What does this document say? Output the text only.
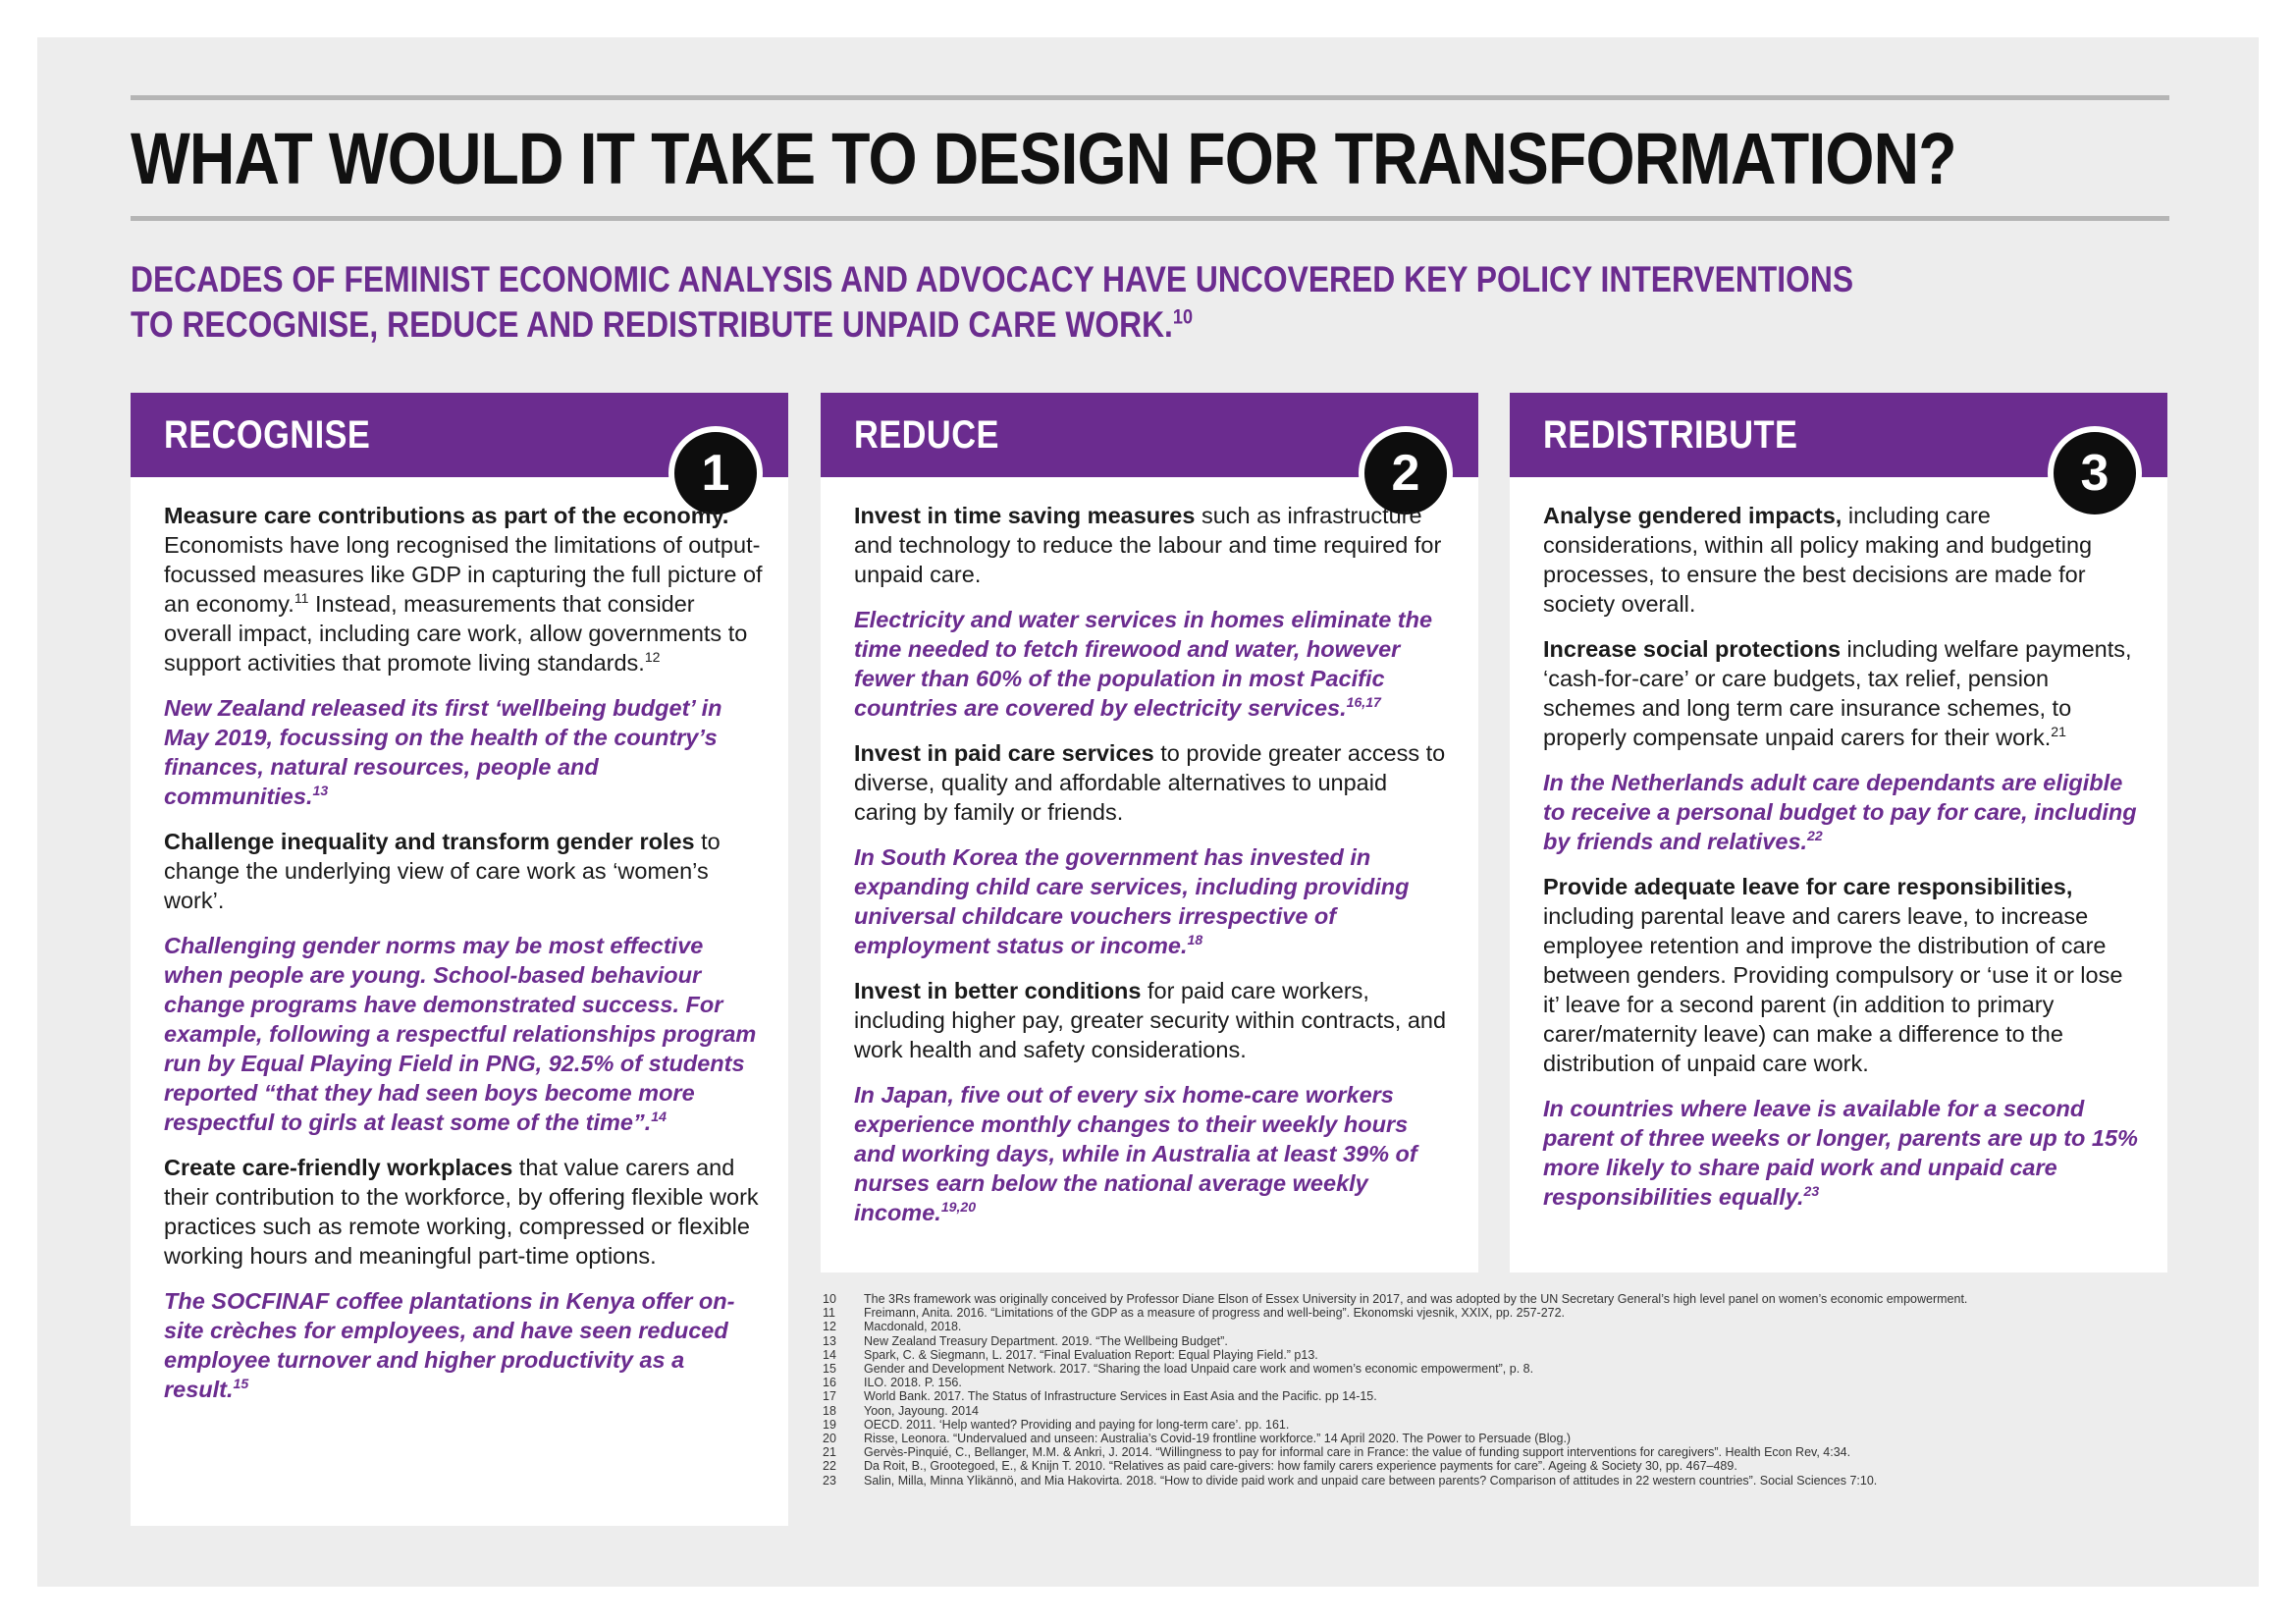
WHAT WOULD IT TAKE TO DESIGN FOR TRANSFORMATION?
DECADES OF FEMINIST ECONOMIC ANALYSIS AND ADVOCACY HAVE UNCOVERED KEY POLICY INTERVENTIONS
TO RECOGNISE, REDUCE AND REDISTRIBUTE UNPAID CARE WORK.$^{10}$
RECOGNISE
1

Measure care contributions as part of the economy. Economists have long recognised the limitations of output-focussed measures like GDP in capturing the full picture of an economy.$^{11}$ Instead, measurements that consider overall impact, including care work, allow governments to support activities that promote living standards.$^{12}$

New Zealand released its first ‘wellbeing budget’ in May 2019, focussing on the health of the country’s finances, natural resources, people and communities.$^{13}$

Challenge inequality and transform gender roles to change the underlying view of care work as ‘women’s work’.

Challenging gender norms may be most effective when people are young. School-based behaviour change programs have demonstrated success. For example, following a respectful relationships program run by Equal Playing Field in PNG, 92.5% of students reported “that they had seen boys become more respectful to girls at least some of the time”.$^{14}$

Create care-friendly workplaces that value carers and their contribution to the workforce, by offering flexible work practices such as remote working, compressed or flexible working hours and meaningful part-time options.

The SOCFINAF coffee plantations in Kenya offer on-site crèches for employees, and have seen reduced employee turnover and higher productivity as a result.$^{15}$

REDUCE
2

Invest in time saving measures such as infrastructure and technology to reduce the labour and time required for unpaid care.

Electricity and water services in homes eliminate the time needed to fetch firewood and water, however fewer than 60% of the population in most Pacific countries are covered by electricity services.$^{16,17}$

Invest in paid care services to provide greater access to diverse, quality and affordable alternatives to unpaid caring by family or friends.

In South Korea the government has invested in expanding child care services, including providing universal childcare vouchers irrespective of employment status or income.$^{18}$

Invest in better conditions for paid care workers, including higher pay, greater security within contracts, and work health and safety considerations.

In Japan, five out of every six home-care workers experience monthly changes to their weekly hours and working days, while in Australia at least 39% of nurses earn below the national average weekly income.$^{19,20}$

REDISTRIBUTE
3

Analyse gendered impacts, including care considerations, within all policy making and budgeting processes, to ensure the best decisions are made for society overall.

Increase social protections including welfare payments, ‘cash-for-care’ or care budgets, tax relief, pension schemes and long term care insurance schemes, to properly compensate unpaid carers for their work.$^{21}$

In the Netherlands adult care dependants are eligible to receive a personal budget to pay for care, including by friends and relatives.$^{22}$

Provide adequate leave for care responsibilities, including parental leave and carers leave, to increase employee retention and improve the distribution of care between genders. Providing compulsory or ‘use it or lose it’ leave for a second parent (in addition to primary carer/maternity leave) can make a difference to the distribution of unpaid care work.

In countries where leave is available for a second parent of three weeks or longer, parents are up to 15% more likely to share paid work and unpaid care responsibilities equally.$^{23}$

10	The 3Rs framework was originally conceived by Professor Diane Elson of Essex University in 2017, and was adopted by the UN Secretary General’s high level panel on women’s economic empowerment.
11	Freimann, Anita. 2016. “Limitations of the GDP as a measure of progress and well-being”. Ekonomski vjesnik, XXIX, pp. 257-272.
12	Macdonald, 2018.
13	New Zealand Treasury Department. 2019. “The Wellbeing Budget”.
14	Spark, C. & Siegmann, L. 2017. “Final Evaluation Report: Equal Playing Field.” p13.
15	Gender and Development Network. 2017. “Sharing the load Unpaid care work and women’s economic empowerment”, p. 8.
16	ILO. 2018. P. 156.
17	World Bank. 2017. The Status of Infrastructure Services in East Asia and the Pacific. pp 14-15.
18	Yoon, Jayoung. 2014
19	OECD. 2011. ‘Help wanted? Providing and paying for long-term care’. pp. 161.
20	Risse, Leonora. “Undervalued and unseen: Australia’s Covid-19 frontline workforce.” 14 April 2020. The Power to Persuade (Blog.)
21	Gervès-Pinquié, C., Bellanger, M.M. & Ankri, J. 2014. “Willingness to pay for informal care in France: the value of funding support interventions for caregivers”. Health Econ Rev, 4:34.
22	Da Roit, B., Grootegoed, E., & Knijn T. 2010. “Relatives as paid care-givers: how family carers experience payments for care”. Ageing & Society 30, pp. 467–489.
23	Salin, Milla, Minna Ylikännö, and Mia Hakovirta. 2018. “How to divide paid work and unpaid care between parents? Comparison of attitudes in 22 western countries”. Social Sciences 7:10.
